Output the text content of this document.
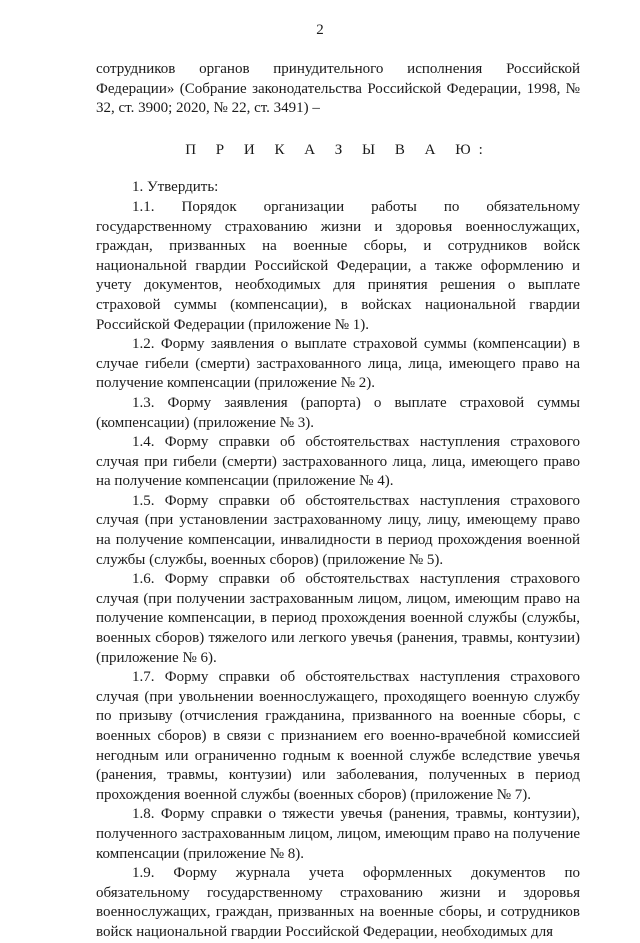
2

сотрудников органов принудительного исполнения Российской Федерации» (Собрание законодательства Российской Федерации, 1998, № 32, ст. 3900; 2020, № 22, ст. 3491) –

П Р И К А З Ы В А Ю:

1. Утвердить:

1.1. Порядок организации работы по обязательному государственному страхованию жизни и здоровья военнослужащих, граждан, призванных на военные сборы, и сотрудников войск национальной гвардии Российской Федерации, а также оформлению и учету документов, необходимых для принятия решения о выплате страховой суммы (компенсации), в войсках национальной гвардии Российской Федерации (приложение № 1).

1.2. Форму заявления о выплате страховой суммы (компенсации) в случае гибели (смерти) застрахованного лица, лица, имеющего право на получение компенсации (приложение № 2).

1.3. Форму заявления (рапорта) о выплате страховой суммы (компенсации) (приложение № 3).

1.4. Форму справки об обстоятельствах наступления страхового случая при гибели (смерти) застрахованного лица, лица, имеющего право на получение компенсации (приложение № 4).

1.5. Форму справки об обстоятельствах наступления страхового случая (при установлении застрахованному лицу, лицу, имеющему право на получение компенсации, инвалидности в период прохождения военной службы (службы, военных сборов) (приложение № 5).

1.6. Форму справки об обстоятельствах наступления страхового случая (при получении застрахованным лицом, лицом, имеющим право на получение компенсации, в период прохождения военной службы (службы, военных сборов) тяжелого или легкого увечья (ранения, травмы, контузии) (приложение № 6).

1.7. Форму справки об обстоятельствах наступления страхового случая (при увольнении военнослужащего, проходящего военную службу по призыву (отчисления гражданина, призванного на военные сборы, с военных сборов) в связи с признанием его военно-врачебной комиссией негодным или ограниченно годным к военной службе вследствие увечья (ранения, травмы, контузии) или заболевания, полученных в период прохождения военной службы (военных сборов) (приложение № 7).

1.8. Форму справки о тяжести увечья (ранения, травмы, контузии), полученного застрахованным лицом, лицом, имеющим право на получение компенсации (приложение № 8).

1.9. Форму журнала учета оформленных документов по обязательному государственному страхованию жизни и здоровья военнослужащих, граждан, призванных на военные сборы, и сотрудников войск национальной гвардии Российской Федерации, необходимых для
